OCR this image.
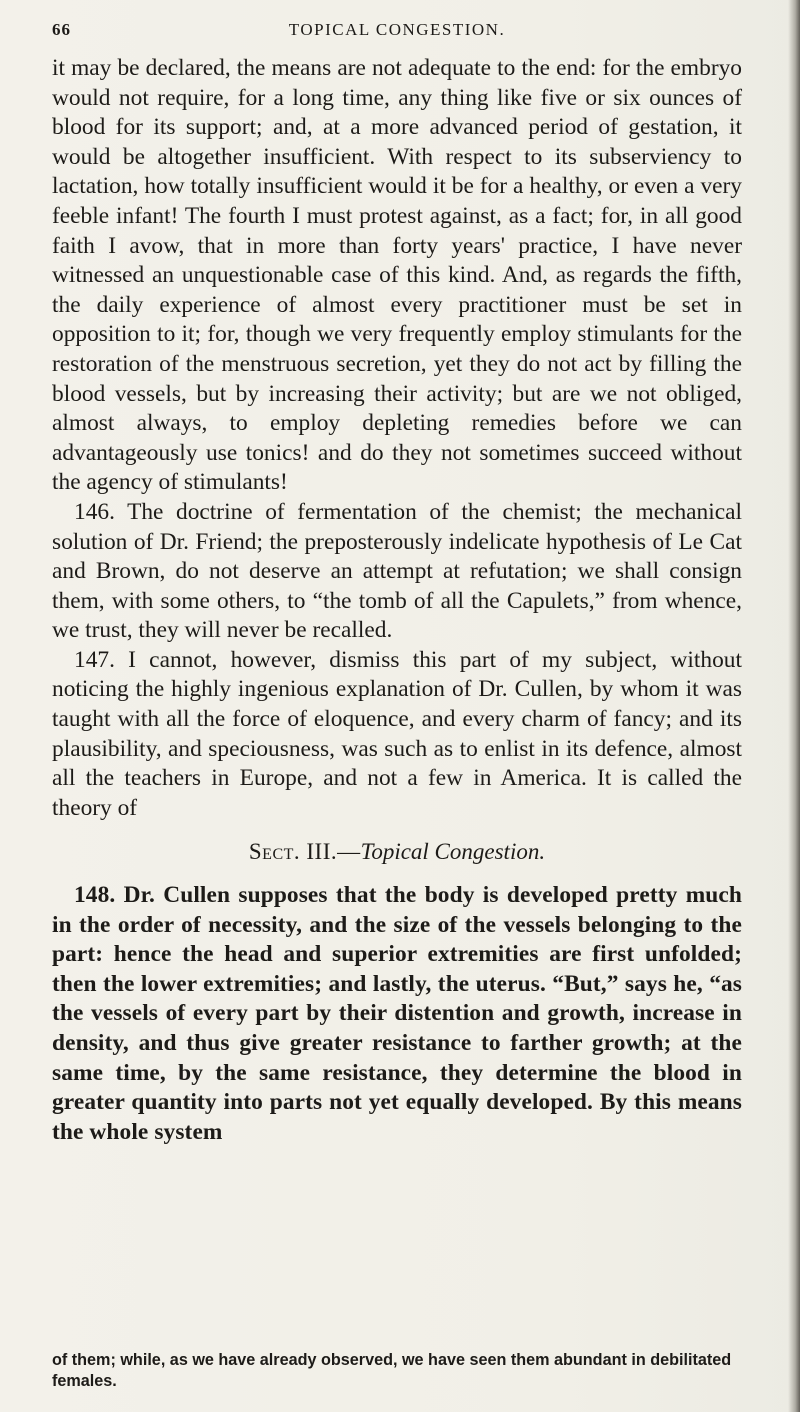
66	TOPICAL CONGESTION.

it may be declared, the means are not adequate to the end: for the embryo would not require, for a long time, any thing like five or six ounces of blood for its support; and, at a more advanced period of gestation, it would be altogether insufficient. With respect to its subserviency to lactation, how totally insufficient would it be for a healthy, or even a very feeble infant! The fourth I must protest against, as a fact; for, in all good faith I avow, that in more than forty years' practice, I have never witnessed an unquestionable case of this kind. And, as regards the fifth, the daily experience of almost every practitioner must be set in opposition to it; for, though we very frequently employ stimulants for the restoration of the menstruous secretion, yet they do not act by filling the blood vessels, but by increasing their activity; but are we not obliged, almost always, to employ depleting remedies before we can advantageously use tonics! and do they not sometimes succeed without the agency of stimulants!

146. The doctrine of fermentation of the chemist; the mechanical solution of Dr. Friend; the preposterously indelicate hypothesis of Le Cat and Brown, do not deserve an attempt at refutation; we shall consign them, with some others, to “the tomb of all the Capulets,” from whence, we trust, they will never be recalled.

147. I cannot, however, dismiss this part of my subject, without noticing the highly ingenious explanation of Dr. Cullen, by whom it was taught with all the force of eloquence, and every charm of fancy; and its plausibility, and speciousness, was such as to enlist in its defence, almost all the teachers in Europe, and not a few in America. It is called the theory of

Sect. III.—Topical Congestion.

148. Dr. Cullen supposes that the body is developed pretty much in the order of necessity, and the size of the vessels belonging to the part: hence the head and superior extremities are first unfolded; then the lower extremities; and lastly, the uterus. “But,” says he, “as the vessels of every part by their distention and growth, increase in density, and thus give greater resistance to farther growth; at the same time, by the same resistance, they determine the blood in greater quantity into parts not yet equally developed. By this means the whole system

of them; while, as we have already observed, we have seen them abundant in debilitated females.
